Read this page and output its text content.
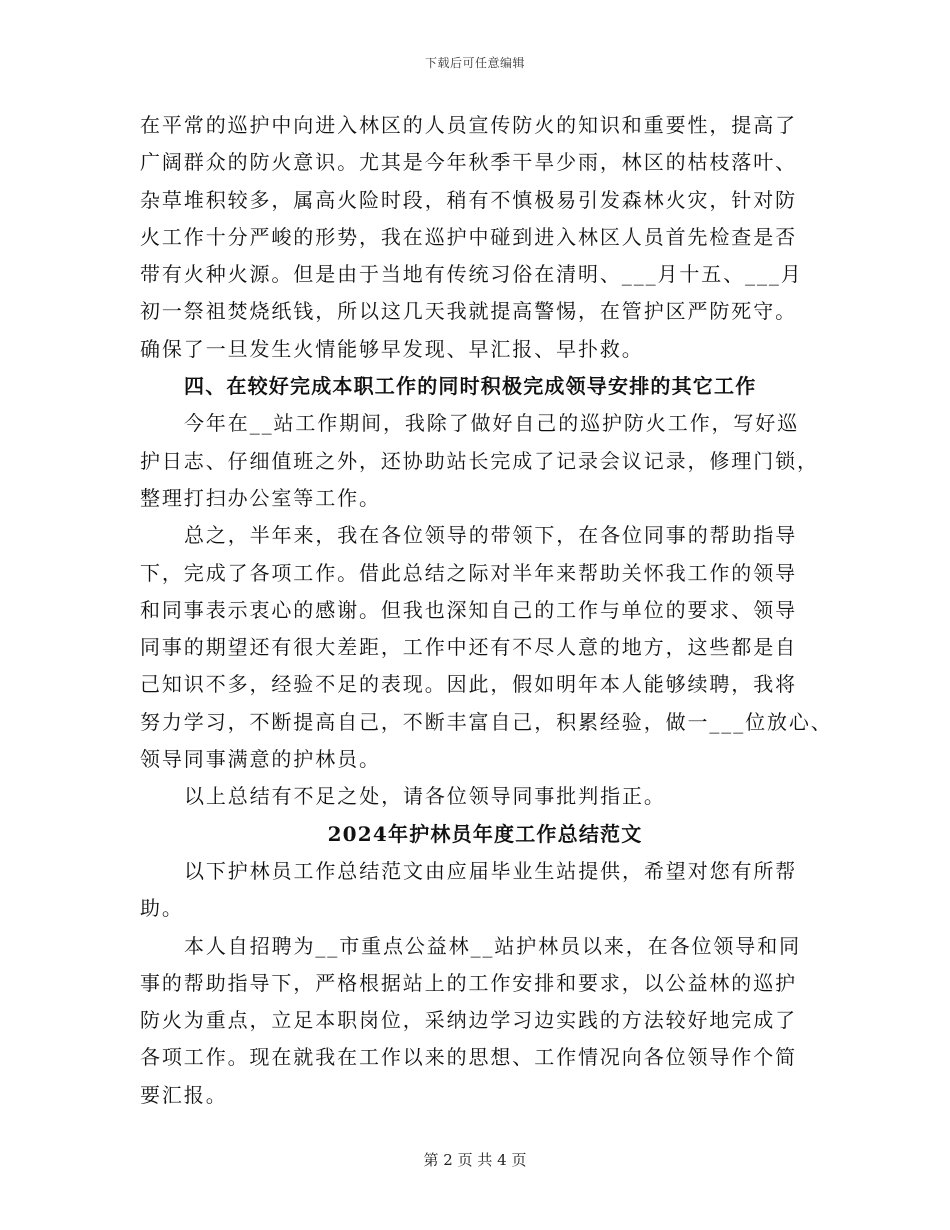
下载后可任意编辑
在平常的巡护中向进入林区的人员宣传防火的知识和重要性，提高了
广阔群众的防火意识。尤其是今年秋季干旱少雨，林区的枯枝落叶、
杂草堆积较多，属高火险时段，稍有不慎极易引发森林火灾，针对防
火工作十分严峻的形势，我在巡护中碰到进入林区人员首先检查是否
带有火种火源。但是由于当地有传统习俗在清明、___月十五、___月
初一祭祖焚烧纸钱，所以这几天我就提高警惕，在管护区严防死守。
确保了一旦发生火情能够早发现、早汇报、早扑救。
四、在较好完成本职工作的同时积极完成领导安排的其它工作
今年在__站工作期间，我除了做好自己的巡护防火工作，写好巡
护日志、仔细值班之外，还协助站长完成了记录会议记录，修理门锁，
整理打扫办公室等工作。
总之，半年来，我在各位领导的带领下，在各位同事的帮助指导
下，完成了各项工作。借此总结之际对半年来帮助关怀我工作的领导
和同事表示衷心的感谢。但我也深知自己的工作与单位的要求、领导
同事的期望还有很大差距，工作中还有不尽人意的地方，这些都是自
己知识不多，经验不足的表现。因此，假如明年本人能够续聘，我将
努力学习，不断提高自己，不断丰富自己，积累经验，做一___位放心、
领导同事满意的护林员。
以上总结有不足之处，请各位领导同事批判指正。
2024年护林员年度工作总结范文
以下护林员工作总结范文由应届毕业生站提供，希望对您有所帮
助。
本人自招聘为__市重点公益林__站护林员以来，在各位领导和同
事的帮助指导下，严格根据站上的工作安排和要求，以公益林的巡护
防火为重点，立足本职岗位，采纳边学习边实践的方法较好地完成了
各项工作。现在就我在工作以来的思想、工作情况向各位领导作个简
要汇报。
第 2 页 共 4 页
